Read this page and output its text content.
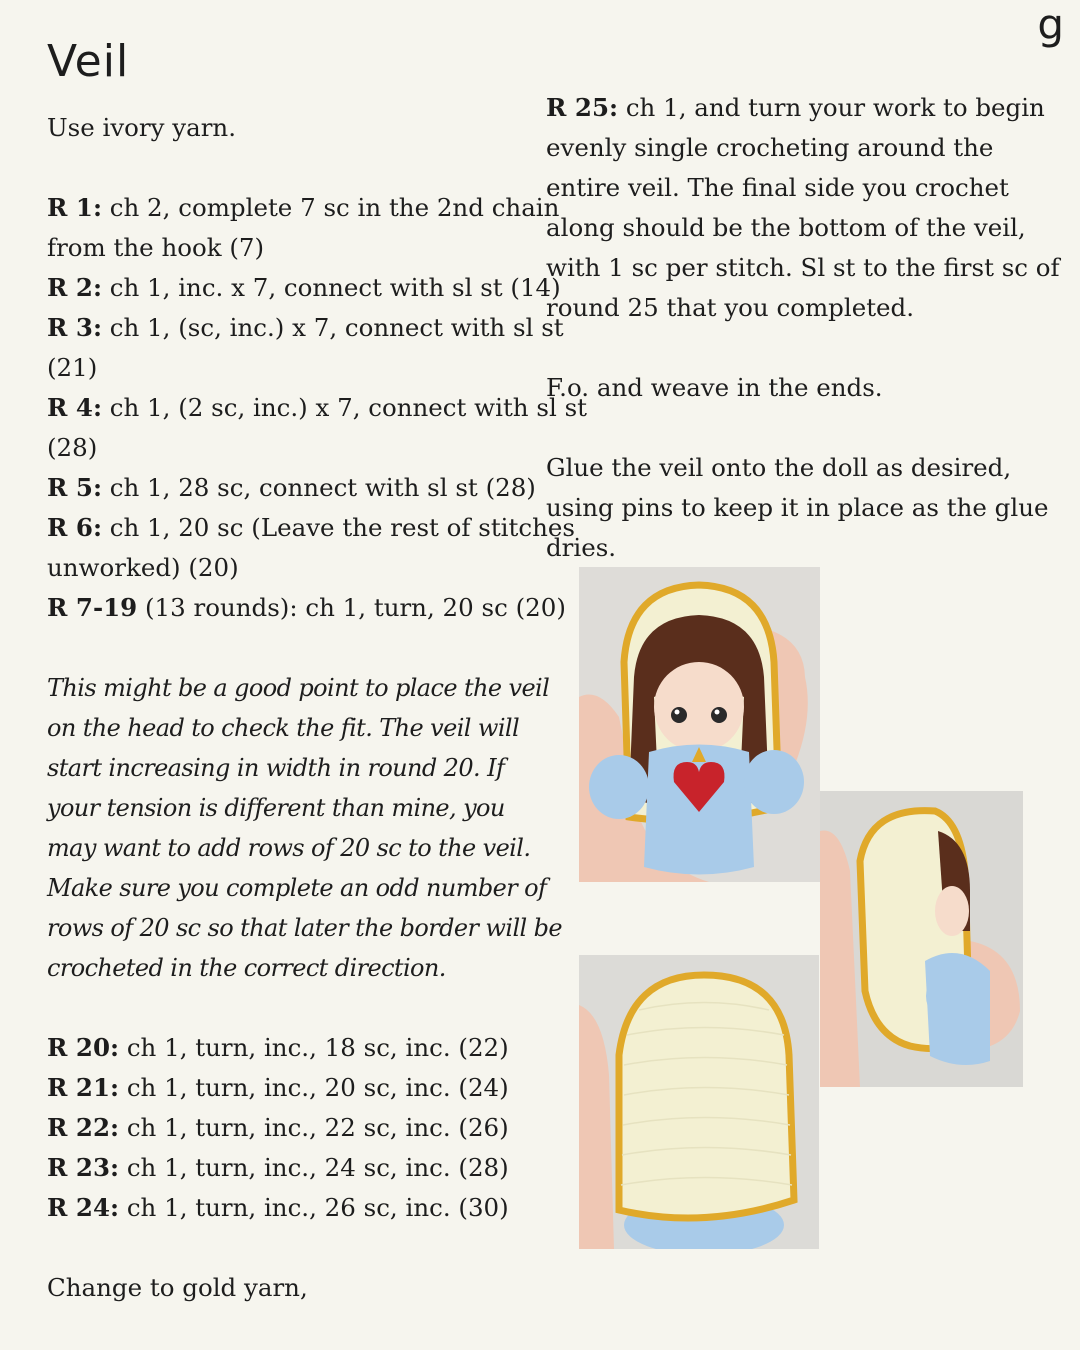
g
Veil

Use ivory yarn.

R 1: ch 2, complete 7 sc in the 2nd chain

from the hook (7)

R 2: ch 1, inc. x 7, connect with sl st (14)

R 3: ch 1, (sc, inc.) x 7, connect with sl st

(21)

R 4: ch 1, (2 sc, inc.) x 7, connect with sl st

(28)

R 5: ch 1, 28 sc, connect with sl st (28)

R 6: ch 1, 20 sc (Leave the rest of stitches

unworked) (20)

R 7-19 (13 rounds): ch 1, turn, 20 sc (20)

This might be a good point to place the veil

on the head to check the fit. The veil will

start increasing in width in round 20. If

your tension is different than mine, you

may want to add rows of 20 sc to the veil.

Make sure you complete an odd number of

rows of 20 sc so that later the border will be

crocheted in the correct direction.

R 20: ch 1, turn, inc., 18 sc, inc. (22)

R 21: ch 1, turn, inc., 20 sc, inc. (24)

R 22: ch 1, turn, inc., 22 sc, inc. (26)

R 23: ch 1, turn, inc., 24 sc, inc. (28)

R 24: ch 1, turn, inc., 26 sc, inc. (30)

Change to gold yarn,

R 25: ch 1, and turn your work to begin

evenly single crocheting around the

entire veil. The final side you crochet

along should be the bottom of the veil,

with 1 sc per stitch. Sl st to the first sc of

round 25 that you completed.

F.o. and weave in the ends.

Glue the veil onto the doll as desired,

using pins to keep it in place as the glue

dries.
